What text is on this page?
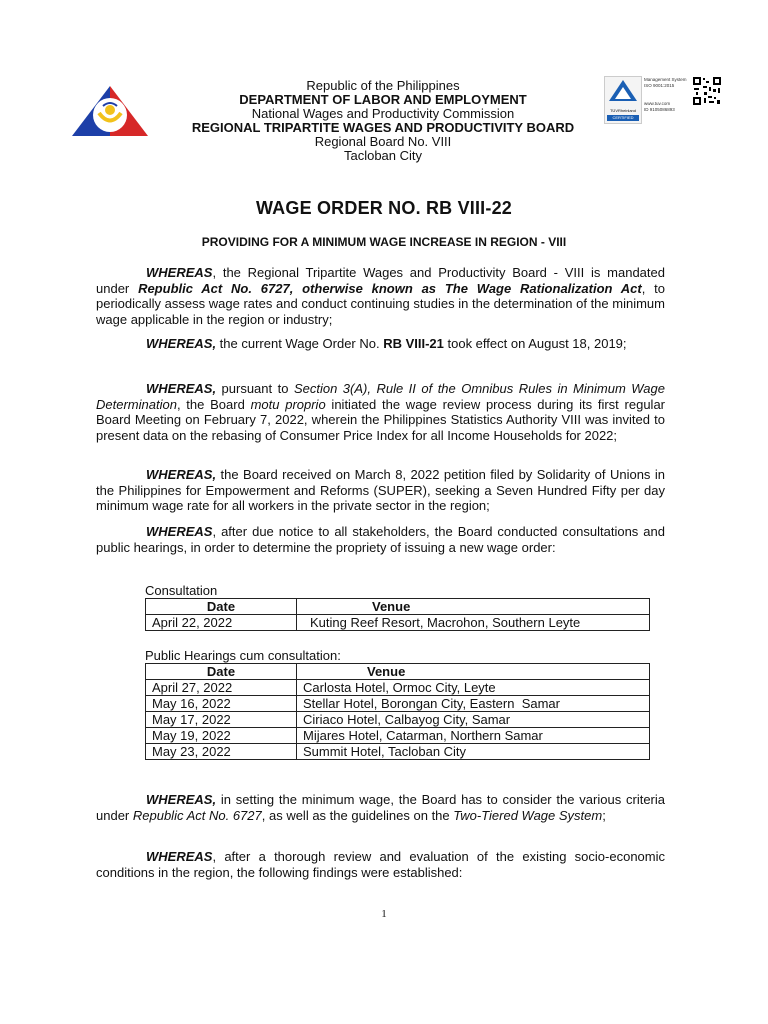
Republic of the Philippines
DEPARTMENT OF LABOR AND EMPLOYMENT
National Wages and Productivity Commission
REGIONAL TRIPARTITE WAGES AND PRODUCTIVITY BOARD
Regional Board No. VIII
Tacloban City
TÜVRheinland
CERTIFIED
Management System
ISO 9001:2015
www.tuv.com
ID 9105086893
WAGE ORDER NO. RB VIII-22
PROVIDING FOR A MINIMUM WAGE INCREASE IN REGION - VIII
WHEREAS, the Regional Tripartite Wages and Productivity Board - VIII is mandated under Republic Act No. 6727, otherwise known as The Wage Rationalization Act, to periodically assess wage rates and conduct continuing studies in the determination of the minimum wage applicable in the region or industry;
WHEREAS, the current Wage Order No. RB VIII-21 took effect on August 18, 2019;
WHEREAS, pursuant to Section 3(A), Rule II of the Omnibus Rules in Minimum Wage Determination, the Board motu proprio initiated the wage review process during its first regular Board Meeting on February 7, 2022, wherein the Philippines Statistics Authority VIII was invited to present data on the rebasing of Consumer Price Index for all Income Households for 2022;
WHEREAS, the Board received on March 8, 2022 petition filed by Solidarity of Unions in the Philippines for Empowerment and Reforms (SUPER), seeking a Seven Hundred Fifty per day minimum wage rate for all workers in the private sector in the region;
WHEREAS, after due notice to all stakeholders, the Board conducted consultations and public hearings, in order to determine the propriety of issuing a new wage order:
Consultation
Date	Venue
April 22, 2022	Kuting Reef Resort, Macrohon, Southern Leyte
Public Hearings cum consultation:
Date	Venue
April 27, 2022	Carlosta Hotel, Ormoc City, Leyte
May 16, 2022	Stellar Hotel, Borongan City, Eastern  Samar
May 17, 2022	Ciriaco Hotel, Calbayog City, Samar
May 19, 2022	Mijares Hotel, Catarman, Northern Samar
May 23, 2022	Summit Hotel, Tacloban City
WHEREAS, in setting the minimum wage, the Board has to consider the various criteria under Republic Act No. 6727, as well as the guidelines on the Two-Tiered Wage System;
WHEREAS, after a thorough review and evaluation of the existing socio-economic conditions in the region, the following findings were established:
1
